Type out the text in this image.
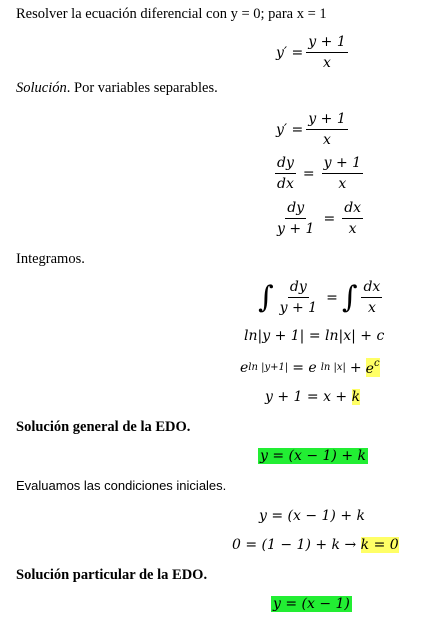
Resolver la ecuación diferencial con y = 0; para x = 1
$y' = \frac{y + 1}{x}$
Solución. Por variables separables.
$y' = \frac{y + 1}{x}$
$\frac{dy}{dx} = \frac{y + 1}{x}$
$\frac{dy}{y + 1} = \frac{dx}{x}$
Integramos.
∫ $\frac{dy}{y + 1}$ = ∫ $\frac{dx}{x}$
ln|y + 1| = ln|x| + c
e ln |y+1| = e $\ln |x| + e^c$
y + 1 = x +
k
Solución general de la EDO.
y = (x − 1) + k
Evaluamos las condiciones iniciales.
y = (x − 1) + k
0 = (1 − 1) + k →
k = 0
Solución particular de la EDO.
y = (x − 1)
